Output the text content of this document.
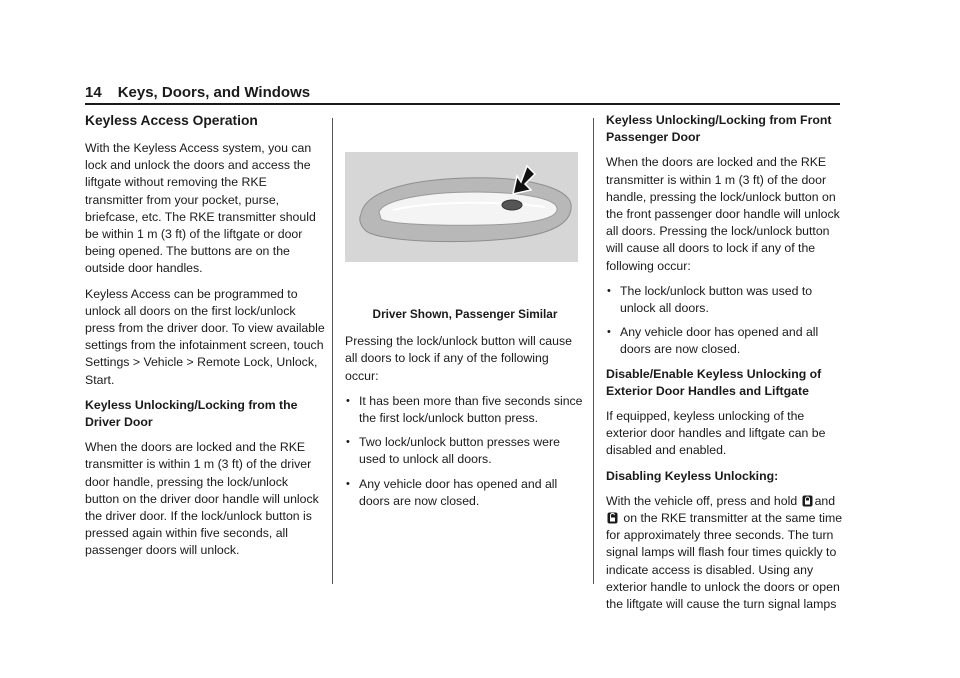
14 Keys, Doors, and Windows
Keyless Access Operation

With the Keyless Access system, you can lock and unlock the doors and access the liftgate without removing the RKE transmitter from your pocket, purse, briefcase, etc. The RKE transmitter should be within 1 m (3 ft) of the liftgate or door being opened. The buttons are on the outside door handles.

Keyless Access can be programmed to unlock all doors on the first lock/unlock press from the driver door. To view available settings from the infotainment screen, touch Settings > Vehicle > Remote Lock, Unlock, Start.

Keyless Unlocking/Locking from the Driver Door

When the doors are locked and the RKE transmitter is within 1 m (3 ft) of the driver door handle, pressing the lock/unlock button on the driver door handle will unlock the driver door. If the lock/unlock button is pressed again within five seconds, all passenger doors will unlock.

Driver Shown, Passenger Similar

Pressing the lock/unlock button will cause all doors to lock if any of the following occur:

• It has been more than five seconds since the first lock/unlock button press.
• Two lock/unlock button presses were used to unlock all doors.
• Any vehicle door has opened and all doors are now closed.

Keyless Unlocking/Locking from Front Passenger Door

When the doors are locked and the RKE transmitter is within 1 m (3 ft) of the door handle, pressing the lock/unlock button on the front passenger door handle will unlock all doors. Pressing the lock/unlock button will cause all doors to lock if any of the following occur:

• The lock/unlock button was used to unlock all doors.
• Any vehicle door has opened and all doors are now closed.

Disable/Enable Keyless Unlocking of Exterior Door Handles and Liftgate

If equipped, keyless unlocking of the exterior door handles and liftgate can be disabled and enabled.

Disabling Keyless Unlocking:

With the vehicle off, press and hold and
on the RKE transmitter at the same time for approximately three seconds. The turn signal lamps will flash four times quickly to indicate access is disabled. Using any exterior handle to unlock the doors or open the liftgate will cause the turn signal lamps
